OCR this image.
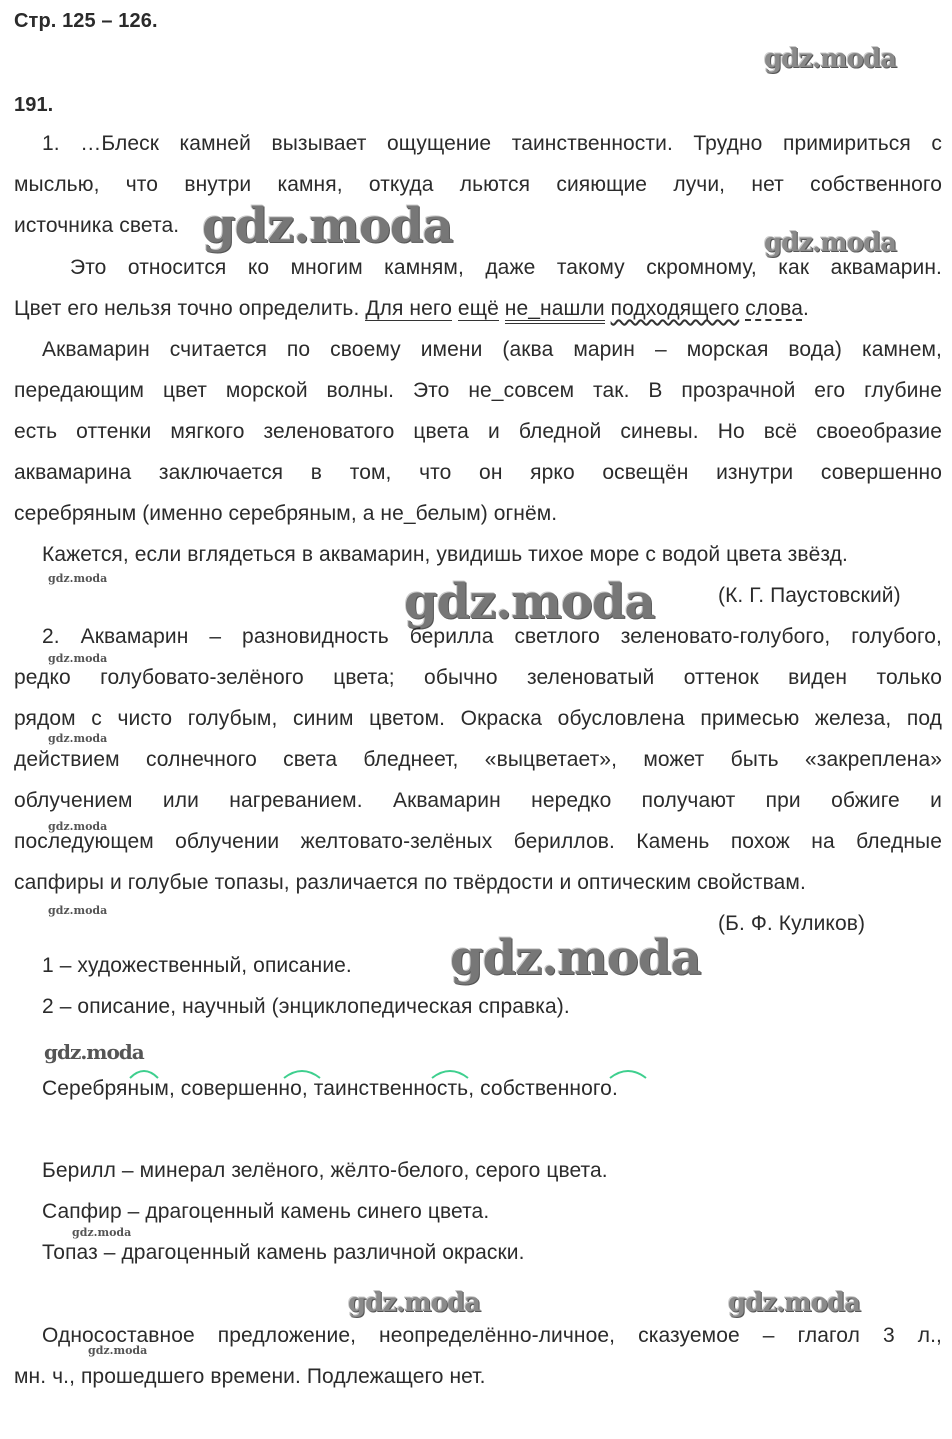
Стр. 125 – 126.
191.
gdz.moda
gdz.moda	gdz.moda
gdz.moda	gdz.moda
gdz.moda
gdz.moda
gdz.moda
gdz.moda
gdz.moda
gdz.moda
gdz.moda
gdz.moda	gdz.moda
gdz.moda
1. …Блеск камней вызывает ощущение таинственности. Трудно примириться с
мыслью, что внутри камня, откуда льются сияющие лучи, нет собственного
источника света.
Это относится ко многим камням, даже такому скромному, как аквамарин.
Цвет его нельзя точно определить. Для него ещё не_нашли подходящего слова.
Аквамарин считается по своему имени (аква марин – морская вода) камнем,
передающим цвет морской волны. Это не_совсем так. В прозрачной его глубине
есть оттенки мягкого зеленоватого цвета и бледной синевы. Но всё своеобразие
аквамарина заключается в том, что он ярко освещён изнутри совершенно
серебряным (именно серебряным, а не_белым) огнём.
Кажется, если вглядеться в аквамарин, увидишь тихое море с водой цвета звёзд.
(К. Г. Паустовский)
2. Аквамарин – разновидность берилла светлого зеленовато-голубого, голубого,
редко голубовато-зелёного цвета; обычно зеленоватый оттенок виден только
рядом с чисто голубым, синим цветом. Окраска обусловлена примесью железа, под
действием солнечного света бледнеет, «выцветает», может быть «закреплена»
облучением или нагреванием. Аквамарин нередко получают при обжиге и
последующем облучении желтовато-зелёных бериллов. Камень похож на бледные
сапфиры и голубые топазы, различается по твёрдости и оптическим свойствам.
(Б. Ф. Куликов)
1 – художественный, описание.
2 – описание, научный (энциклопедическая справка).
Серебряным, совершенно, таинственность, собственного.
Берилл – минерал зелёного, жёлто-белого, серого цвета.
Сапфир – драгоценный камень синего цвета.
Топаз – драгоценный камень различной окраски.
Односоставное предложение, неопределённо-личное, сказуемое – глагол 3 л.,
мн. ч., прошедшего времени. Подлежащего нет.
